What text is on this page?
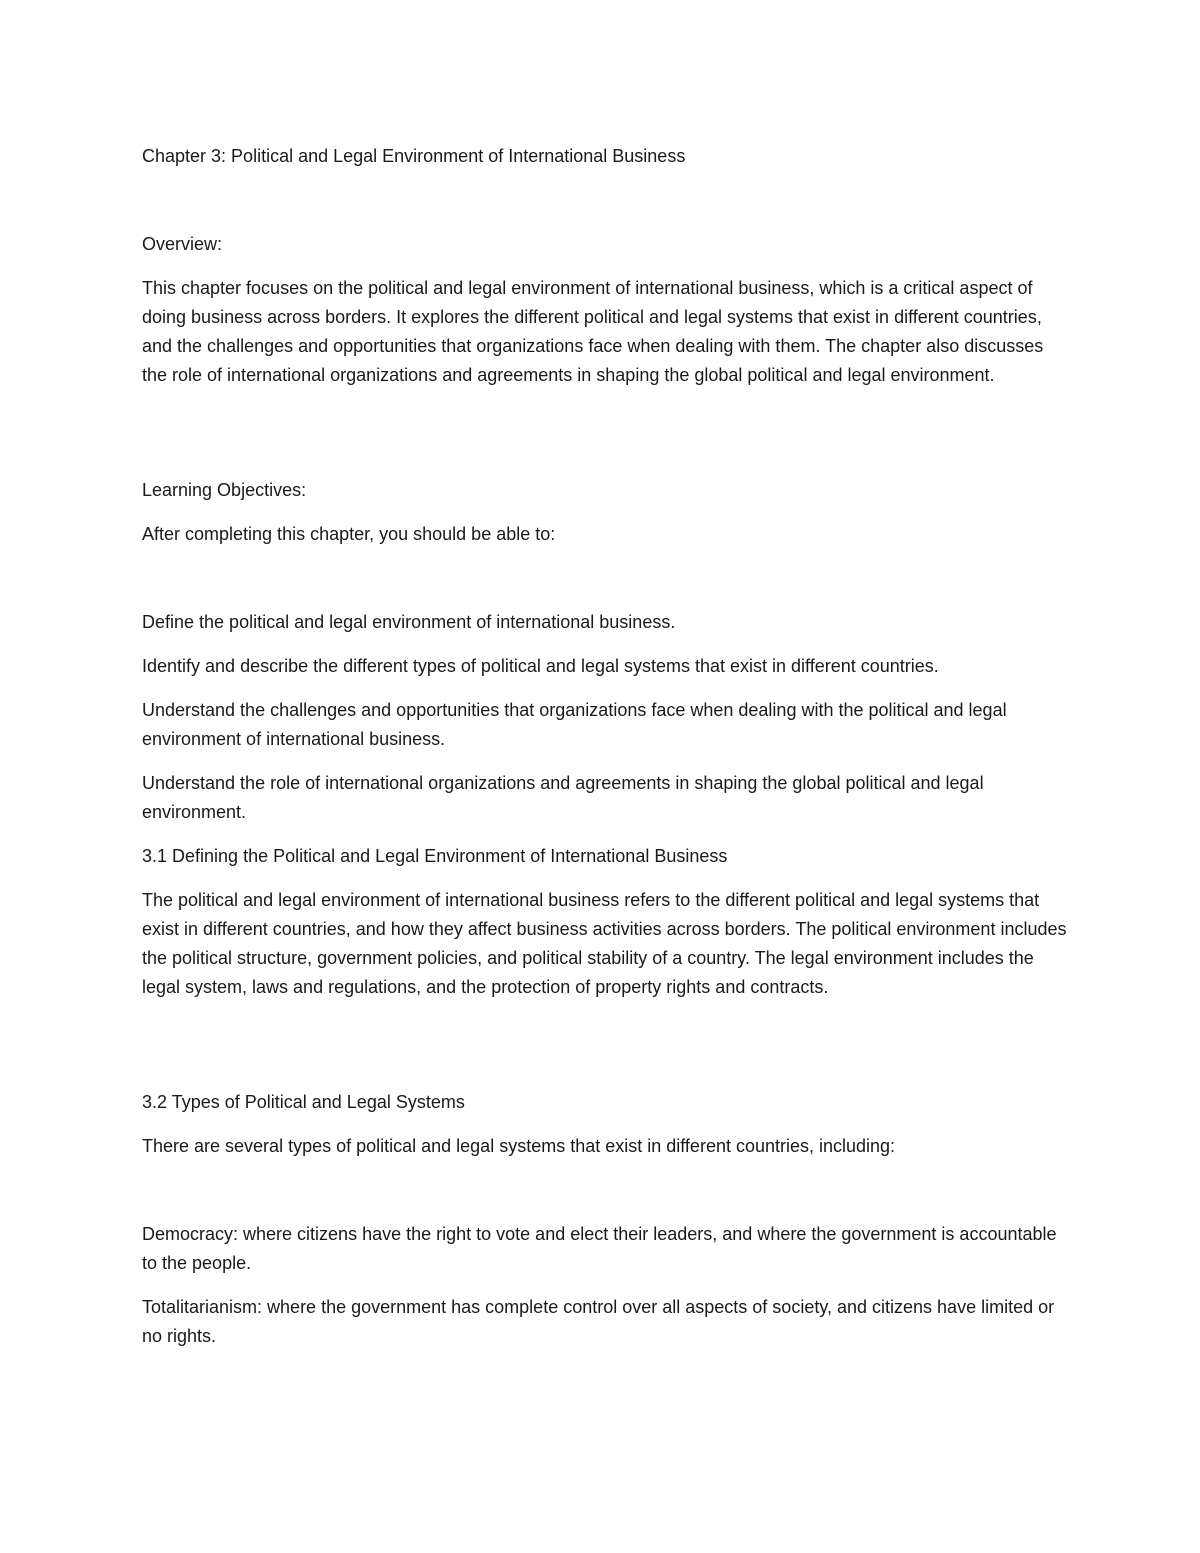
Chapter 3: Political and Legal Environment of International Business

Overview:

This chapter focuses on the political and legal environment of international business, which is a critical aspect of doing business across borders. It explores the different political and legal systems that exist in different countries, and the challenges and opportunities that organizations face when dealing with them. The chapter also discusses the role of international organizations and agreements in shaping the global political and legal environment.

Learning Objectives:

After completing this chapter, you should be able to:

Define the political and legal environment of international business.

Identify and describe the different types of political and legal systems that exist in different countries.

Understand the challenges and opportunities that organizations face when dealing with the political and legal environment of international business.

Understand the role of international organizations and agreements in shaping the global political and legal environment.

3.1 Defining the Political and Legal Environment of International Business

The political and legal environment of international business refers to the different political and legal systems that exist in different countries, and how they affect business activities across borders. The political environment includes the political structure, government policies, and political stability of a country. The legal environment includes the legal system, laws and regulations, and the protection of property rights and contracts.

3.2 Types of Political and Legal Systems

There are several types of political and legal systems that exist in different countries, including:

Democracy: where citizens have the right to vote and elect their leaders, and where the government is accountable to the people.

Totalitarianism: where the government has complete control over all aspects of society, and citizens have limited or no rights.
